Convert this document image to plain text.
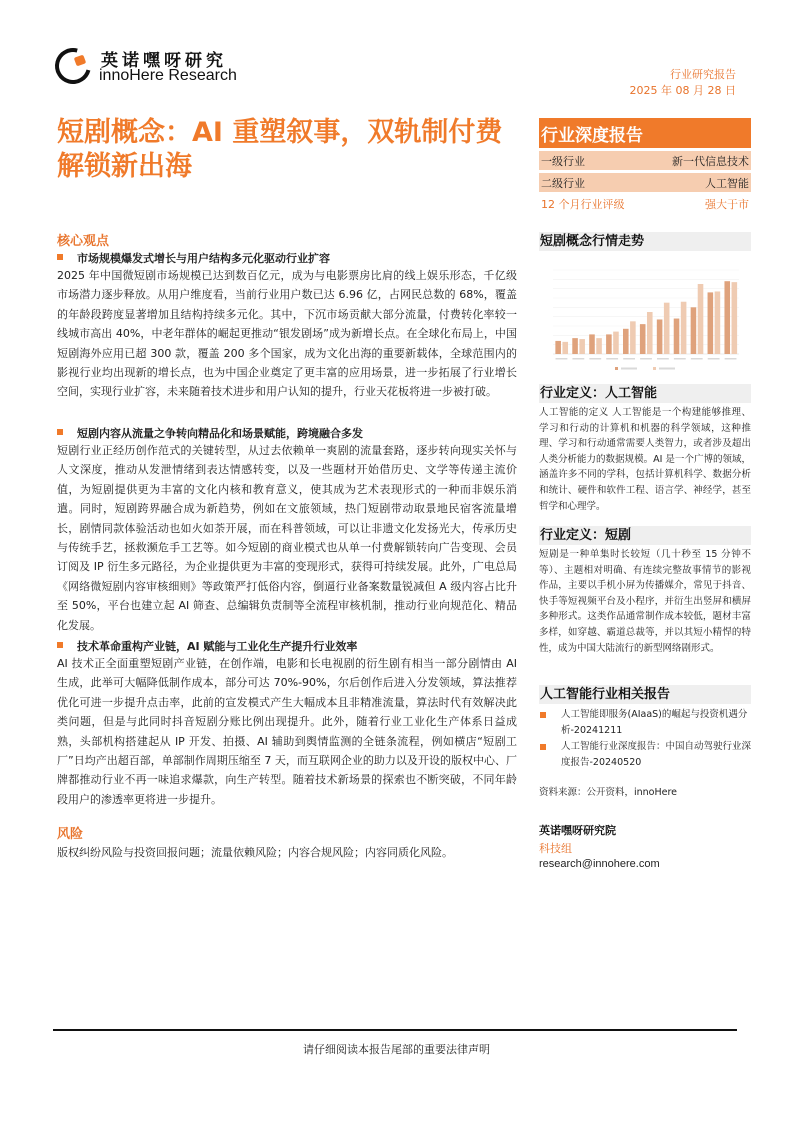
英诺嘿呀研究
innoHere Research	行业研究报告
2025 年 08 月 28 日
短剧概念：AI 重塑叙事，双轨制付费解锁新出海
行业深度报告
一级行业	新一代信息技术
二级行业	人工智能
12 个月行业评级	强大于市
核心观点
市场规模爆发式增长与用户结构多元化驱动行业扩容
2025 年中国微短剧市场规模已达到数百亿元，成为与电影票房比肩的线上娱乐形态，千亿级市场潜力逐步释放。从用户维度看，当前行业用户数已达 6.96 亿，占网民总数的 68%，覆盖的年龄段跨度显著增加且结构持续多元化。其中，下沉市场贡献大部分流量，付费转化率较一线城市高出 40%，中老年群体的崛起更推动“银发剧场”成为新增长点。在全球化布局上，中国短剧海外应用已超 300 款，覆盖 200 多个国家，成为文化出海的重要新载体，全球范围内的影视行业均出现新的增长点，也为中国企业奠定了更丰富的应用场景，进一步拓展了行业增长空间，实现行业扩容，未来随着技术进步和用户认知的提升，行业天花板将进一步被打破。
短剧内容从流量之争转向精品化和场景赋能，跨境融合多发
短剧行业正经历创作范式的关键转型，从过去依赖单一爽剧的流量套路，逐步转向现实关怀与人文深度，推动从发泄情绪到表达情感转变，以及一些题材开始借历史、文学等传递主流价值，为短剧提供更为丰富的文化内核和教育意义，使其成为艺术表现形式的一种而非娱乐消遣。同时，短剧跨界融合成为新趋势，例如在文旅领域，热门短剧带动取景地民宿客流量增长，剧情同款体验活动也如火如荼开展，而在科普领域，可以让非遗文化发扬光大，传承历史与传统手艺，拯救濒危手工艺等。如今短剧的商业模式也从单一付费解锁转向广告变现、会员订阅及 IP 衍生多元路径，为企业提供更为丰富的变现形式，获得可持续发展。此外，广电总局《网络微短剧内容审核细则》等政策严打低俗内容，倒逼行业备案数量锐减但 A 级内容占比升至 50%，平台也建立起 AI 筛查、总编辑负责制等全流程审核机制，推动行业向规范化、精品化发展。
技术革命重构产业链，AI 赋能与工业化生产提升行业效率
AI 技术正全面重塑短剧产业链，在创作端，电影和长电视剧的衍生剧有相当一部分剧情由 AI 生成，此举可大幅降低制作成本，部分可达 70%-90%，尔后创作后进入分发领域，算法推荐优化可进一步提升点击率，此前的宣发模式产生大幅成本且非精准流量，算法时代有效解决此类问题，但是与此同时抖音短剧分账比例出现提升。此外，随着行业工业化生产体系日益成熟，头部机构搭建起从 IP 开发、拍摄、AI 辅助到舆情监测的全链条流程，例如横店“短剧工厂”日均产出超百部，单部制作周期压缩至 7 天，而互联网企业的助力以及开设的版权中心、厂牌都推动行业不再一味追求爆款，向生产转型。随着技术新场景的探索也不断突破，不同年龄段用户的渗透率更将进一步提升。
风险
版权纠纷风险与投资回报问题；流量依赖风险；内容合规风险；内容同质化风险。
短剧概念行情走势
行业定义：人工智能
人工智能的定义 人工智能是一个构建能够推理、学习和行动的计算机和机器的科学领域，这种推理、学习和行动通常需要人类智力，或者涉及超出人类分析能力的数据规模。AI 是一个广博的领域，涵盖许多不同的学科，包括计算机科学、数据分析和统计、硬件和软件工程、语言学、神经学，甚至哲学和心理学。
行业定义：短剧
短剧是一种单集时长较短（几十秒至 15 分钟不等）、主题相对明确、有连续完整故事情节的影视作品，主要以手机小屏为传播媒介，常见于抖音、快手等短视频平台及小程序，并衍生出竖屏和横屏多种形式。这类作品通常制作成本较低，题材丰富多样，如穿越、霸道总裁等，并以其短小精悍的特性，成为中国大陆流行的新型网络剧形式。
人工智能行业相关报告
人工智能即服务(AIaaS)的崛起与投资机遇分析-20241211
人工智能行业深度报告：中国自动驾驶行业深度报告-20240520
资料来源：公开资料，innoHere
英诺嘿呀研究院
科技组
research@innohere.com
请仔细阅读本报告尾部的重要法律声明
